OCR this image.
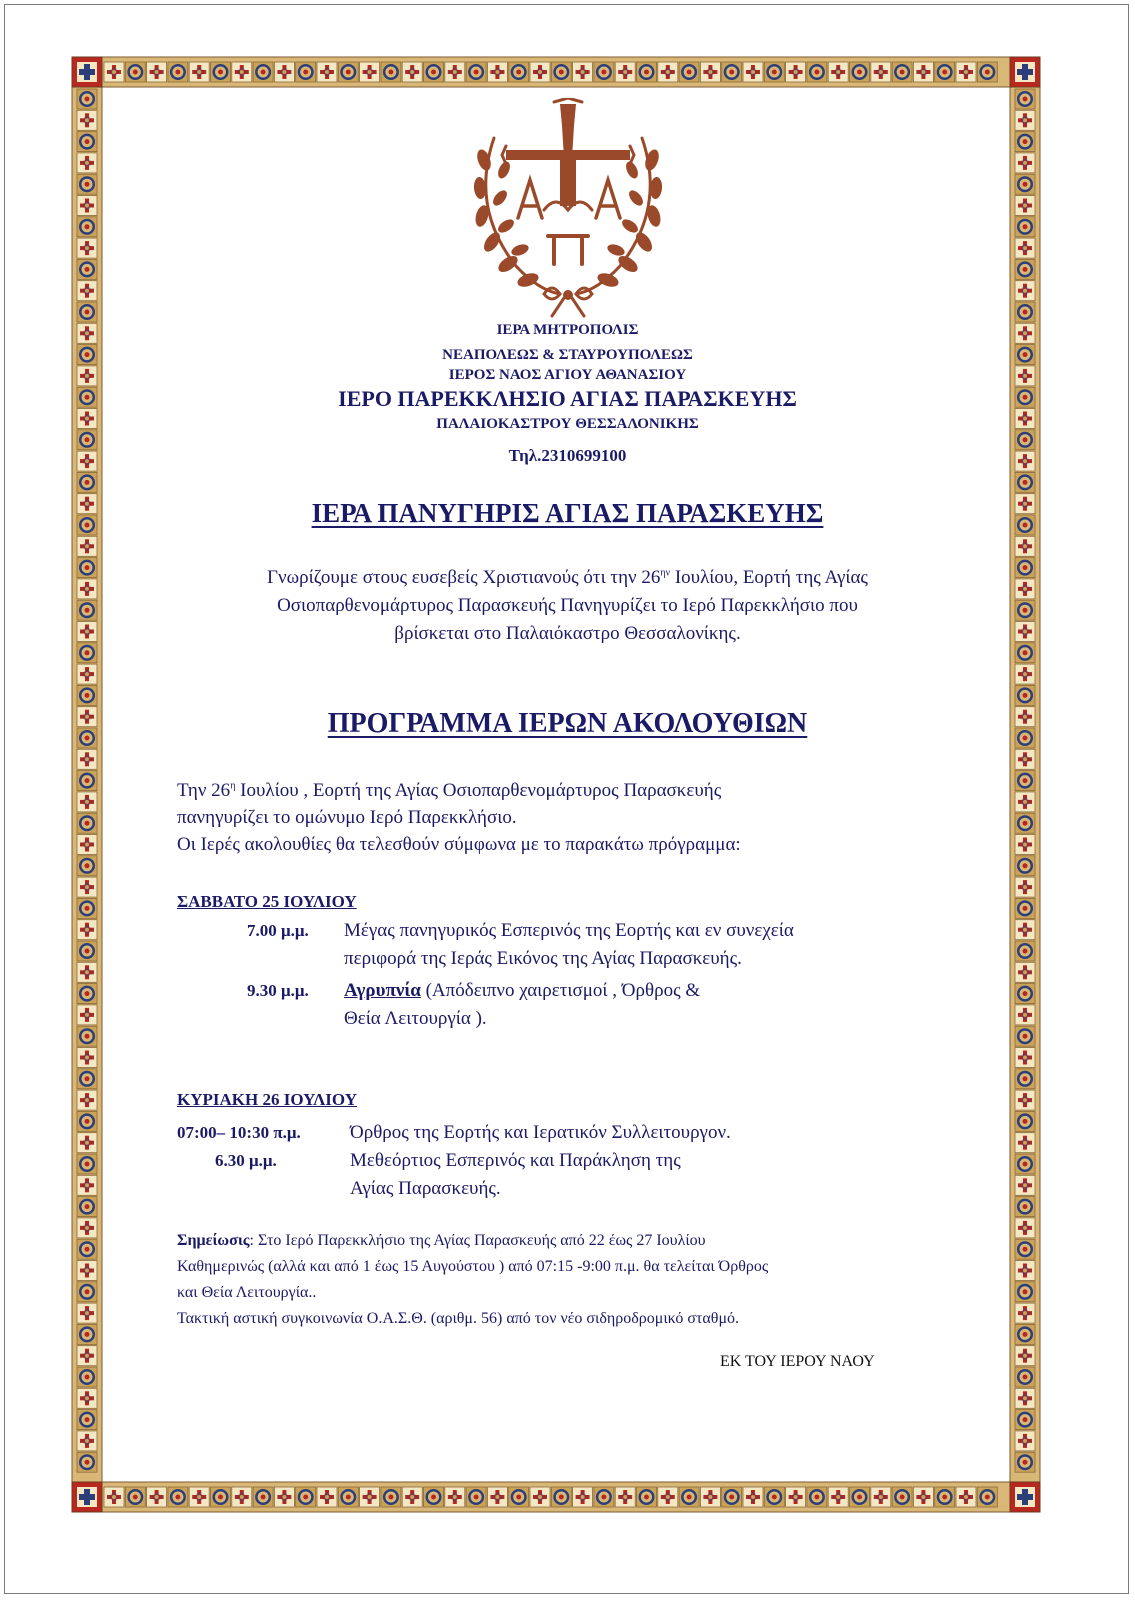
ΙΕΡΑ ΜΗΤΡΟΠΟΛΙΣ
ΝΕΑΠΟΛΕΩΣ & ΣΤΑΥΡΟΥΠΟΛΕΩΣ
ΙΕΡΟΣ ΝΑΟΣ ΑΓΙΟΥ ΑΘΑΝΑΣΙΟΥ
ΙΕΡΟ ΠΑΡΕΚΚΛΗΣΙΟ ΑΓΙΑΣ ΠΑΡΑΣΚΕΥΗΣ
ΠΑΛΑΙΟΚΑΣΤΡΟΥ ΘΕΣΣΑΛΟΝΙΚΗΣ
Τηλ.2310699100
ΙΕΡΑ ΠΑΝΥΓΗΡΙΣ ΑΓΙΑΣ ΠΑΡΑΣΚΕΥΗΣ
Γνωρίζουμε στους ευσεβείς Χριστιανούς ότι την $26^{\eta\nu}$ Ιουλίου, Εορτή της Αγίας
Οσιοπαρθενομάρτυρος Παρασκευής Πανηγυρίζει το Ιερό Παρεκκλήσιο που
βρίσκεται στο Παλαιόκαστρο Θεσσαλονίκης.
ΠΡΟΓΡΑΜΜΑ ΙΕΡΩΝ ΑΚΟΛΟΥΘΙΩΝ
Την $26^\eta$ Ιουλίου , Εορτή της Αγίας Οσιοπαρθενομάρτυρος Παρασκευής
πανηγυρίζει το ομώνυμο Ιερό Παρεκκλήσιο.
Οι Ιερές ακολουθίες θα τελεσθούν σύμφωνα με το παρακάτω πρόγραμμα:
ΣΑΒΒΑΤΟ 25 ΙΟΥΛΙΟΥ
7.00 μ.μ. Μέγας πανηγυρικός Εσπερινός της Εορτής και εν συνεχεία
περιφορά της Ιεράς Εικόνος της Αγίας Παρασκευής.
9.30 μ.μ. Αγρυπνία (Απόδειπνο χαιρετισμοί , Όρθρος &
Θεία Λειτουργία ).
ΚΥΡΙΑΚΗ 26 ΙΟΥΛΙΟΥ
07:00– 10:30 π.μ.	Όρθρος της Εορτής και Ιερατικόν Συλλειτουργον.
6.30 μ.μ.	Μεθεόρτιος Εσπερινός και Παράκληση της
Αγίας Παρασκευής.
Σημείωσις: Στο Ιερό Παρεκκλήσιο της Αγίας Παρασκευής από 22 έως 27 Ιουλίου
Καθημερινώς (αλλά και από 1 έως 15 Αυγούστου ) από 07:15 -9:00 π.μ. θα τελείται Όρθρος
και Θεία Λειτουργία..
Τακτική αστική συγκοινωνία Ο.Α.Σ.Θ. (αριθμ. 56) από τον νέο σιδηροδρομικό σταθμό.
ΕΚ ΤΟΥ ΙΕΡΟΥ ΝΑΟΥ
